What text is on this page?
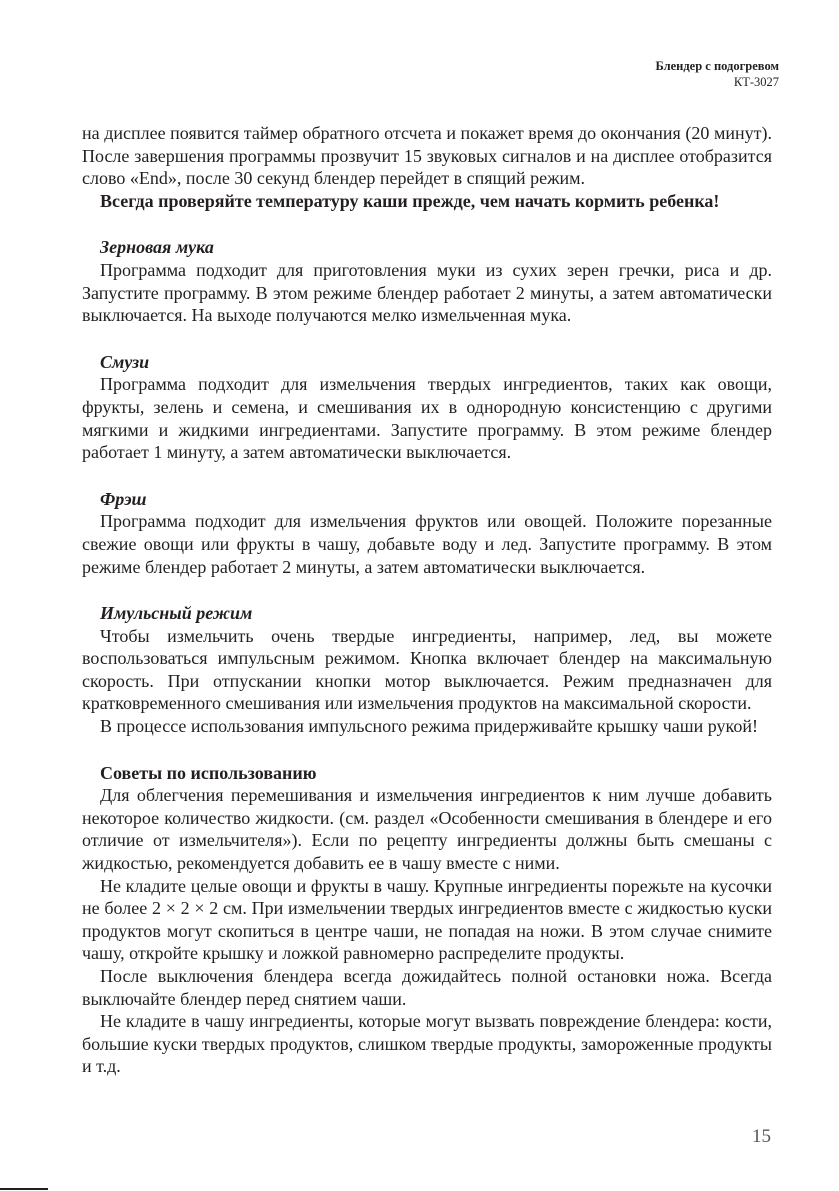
Блендер с подогревом
КТ-3027

на дисплее появится таймер обратного отсчета и покажет время до окончания (20 минут). После завершения программы прозвучит 15 звуковых сигналов и на дисплее отобразится слово «End», после 30 секунд блендер перейдет в спящий режим.

Всегда проверяйте температуру каши прежде, чем начать кормить ребенка!

Зерновая мука

Программа подходит для приготовления муки из сухих зерен гречки, риса и др. Запустите программу. В этом режиме блендер работает 2 минуты, а затем автоматически выключается. На выходе получаются мелко измельченная мука.

Смузи

Программа подходит для измельчения твердых ингредиентов, таких как овощи, фрукты, зелень и семена, и смешивания их в однородную консистенцию с другими мягкими и жидкими ингредиентами. Запустите программу. В этом режиме блендер работает 1 минуту, а затем автоматически выключается.

Фрэш

Программа подходит для измельчения фруктов или овощей. Положите порезанные свежие овощи или фрукты в чашу, добавьте воду и лед. Запустите программу. В этом режиме блендер работает 2 минуты, а затем автоматически выключается.

Имульсный режим

Чтобы измельчить очень твердые ингредиенты, например, лед, вы можете воспользоваться импульсным режимом. Кнопка включает блендер на максимальную скорость. При отпускании кнопки мотор выключается. Режим предназначен для кратковременного смешивания или измельчения продуктов на максимальной скорости.

В процессе использования импульсного режима придерживайте крышку чаши рукой!

Советы по использованию

Для облегчения перемешивания и измельчения ингредиентов к ним лучше добавить некоторое количество жидкости. (см. раздел «Особенности смешивания в блендере и его отличие от измельчителя»). Если по рецепту ингредиенты должны быть смешаны с жидкостью, рекомендуется добавить ее в чашу вместе с ними.

Не кладите целые овощи и фрукты в чашу. Крупные ингредиенты порежьте на кусочки не более 2 × 2 × 2 см. При измельчении твердых ингредиентов вместе с жидкостью куски продуктов могут скопиться в центре чаши, не попадая на ножи. В этом случае снимите чашу, откройте крышку и ложкой равномерно распределите продукты.

После выключения блендера всегда дожидайтесь полной остановки ножа. Всегда выключайте блендер перед снятием чаши.

Не кладите в чашу ингредиенты, которые могут вызвать повреждение блендера: кости, большие куски твердых продуктов, слишком твердые продукты, замороженные продукты и т.д.

15
